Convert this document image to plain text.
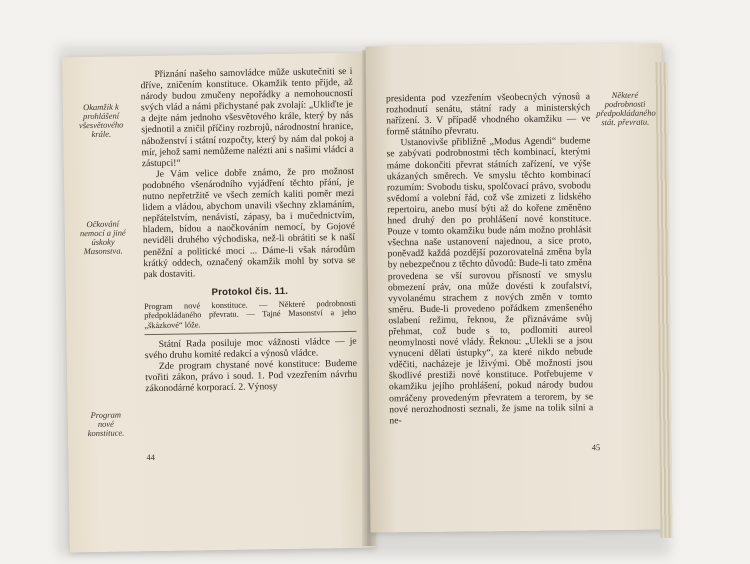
Okamžik k prohlášení všesvětového krále.
Očkování nemocí a jiné úskoky Masonstva.
Program nové konstituce.

Přiznání našeho samovládce může uskutečniti se i dříve, zničením konstituce. Okamžik tento přijde, až národy budou zmučeny nepořádky a nemohoucností svých vlád a námi přichystané pak zvolají: „Ukliďte je a dejte nám jednoho všesvětového krále, který by nás sjednotil a zničil příčiny rozbrojů, národnostní hranice, náboženství i státní rozpočty, který by nám dal pokoj a mír, jehož sami nemůžeme nalézti ani s našimi vládci a zástupci!“

Je Vám velice dobře známo, že pro možnost podobného všenárodního vyjádření těchto přání, je nutno nepřetržitě ve všech zemích kaliti poměr mezi lidem a vládou, abychom unavili všechny zklamáním, nepřátelstvím, nenávistí, zápasy, ba i mučednictvím, hladem, bídou a naočkováním nemocí, by Gojové neviděli druhého východiska, než-li obrátiti se k naší peněžní a politické moci ... Dáme-li však národům krátký oddech, označený okamžik mohl by sotva se pak dostaviti.

Protokol čis. 11.

Program nové konstituce. — Některé podrobnosti předpokládaného převratu. — Tajné Masonství a jeho „škázkové“ lóže.

Státní Rada posiluje moc vážnosti vládce — je svého druhu komité redakcí a výnosů vládce.

Zde program chystané nové konstituce: Budeme tvořiti zákon, právo i soud. 1. Pod vzezřením návrhu zákonodárné korporací. 2. Výnosy

44

presidenta pod vzezřením všeobecných výnosů a rozhodnutí senátu, státní rady a ministerských nařízení. 3. V případě vhodného okamžiku — ve formě státního převratu.

Ustanovivše přibližně „Modus Agendi“ budeme se zabývati podrobnostmi těch kombinací, kterými máme dokončiti převrat státních zařízení, ve výše ukázaných směrech. Ve smyslu těchto kombinací rozumím: Svobodu tisku, spolčovací právo, svobodu svědomí a volební řád, což vše zmizeti z lidského repertoiru, anebo musí býti až do kořene změněno hned druhý den po prohlášení nové konstituce. Pouze v tomto okamžiku bude nám možno prohlásit všechna naše ustanovení najednou, a sice proto, poněvadž každá pozdější pozorovatelná změna byla by nebezpečnou z těchto důvodů: Bude-li tato změna provedena se vší surovou přísností ve smyslu obmezení práv, ona může dovésti k zoufalství, vyvolanému strachem z nových změn v tomto směru. Bude-li provedeno pořádkem zmenšeného oslabení režimu, řeknou, že přiznáváme svůj přehmat, což bude s to, podlomiti aureol neomylnosti nové vlády. Řeknou: „Ulekli se a jsou vynuceni dělati ústupky“, za které nikdo nebude vděčiti, nacházeje je lživými. Obě možnosti jsou škodlivé prestiži nové konstituce. Potřebujeme v okamžiku jejího prohlášení, pokud národy budou omráčeny provedeným převratem a terorem, by se nové nerozhodnosti seznali, že jsme na tolik silni a ne-

Některé podrobnosti předpokládaného stát. převratu.
45
